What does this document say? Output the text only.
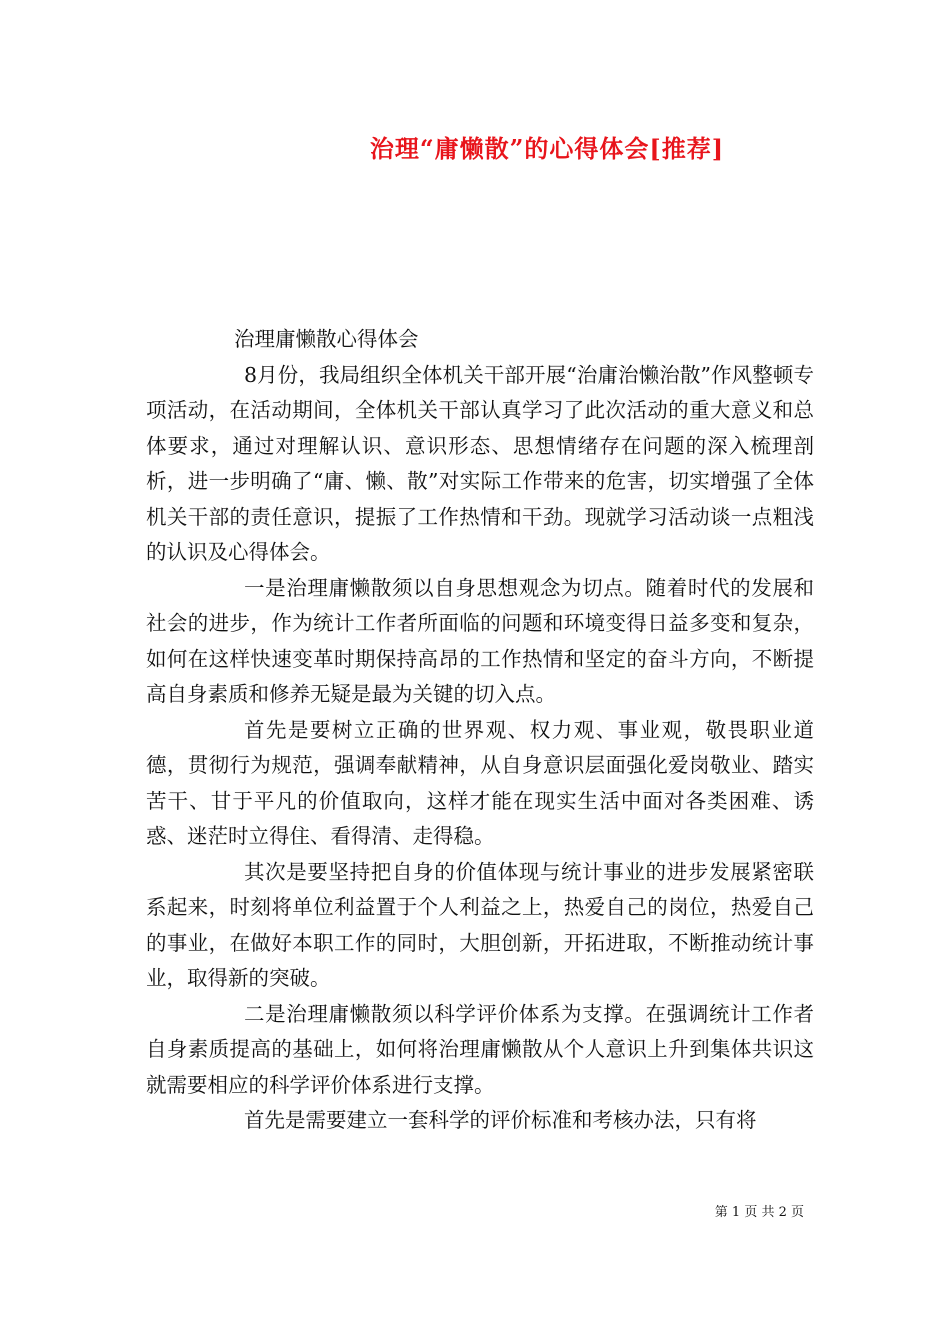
治理“庸懒散”的心得体会[推荐]

治理庸懒散心得体会

8月份，我局组织全体机关干部开展“治庸治懒治散”作风整顿专项活动，在活动期间，全体机关干部认真学习了此次活动的重大意义和总体要求，通过对理解认识、意识形态、思想情绪存在问题的深入梳理剖析，进一步明确了“庸、懒、散”对实际工作带来的危害，切实增强了全体机关干部的责任意识，提振了工作热情和干劲。现就学习活动谈一点粗浅的认识及心得体会。

一是治理庸懒散须以自身思想观念为切点。随着时代的发展和社会的进步，作为统计工作者所面临的问题和环境变得日益多变和复杂，如何在这样快速变革时期保持高昂的工作热情和坚定的奋斗方向，不断提高自身素质和修养无疑是最为关键的切入点。

首先是要树立正确的世界观、权力观、事业观，敬畏职业道德，贯彻行为规范，强调奉献精神，从自身意识层面强化爱岗敬业、踏实苦干、甘于平凡的价值取向，这样才能在现实生活中面对各类困难、诱惑、迷茫时立得住、看得清、走得稳。

其次是要坚持把自身的价值体现与统计事业的进步发展紧密联系起来，时刻将单位利益置于个人利益之上，热爱自己的岗位，热爱自己的事业，在做好本职工作的同时，大胆创新，开拓进取，不断推动统计事业，取得新的突破。

二是治理庸懒散须以科学评价体系为支撑。在强调统计工作者自身素质提高的基础上，如何将治理庸懒散从个人意识上升到集体共识这就需要相应的科学评价体系进行支撑。

首先是需要建立一套科学的评价标准和考核办法，只有将

第 1 页 共 2 页
